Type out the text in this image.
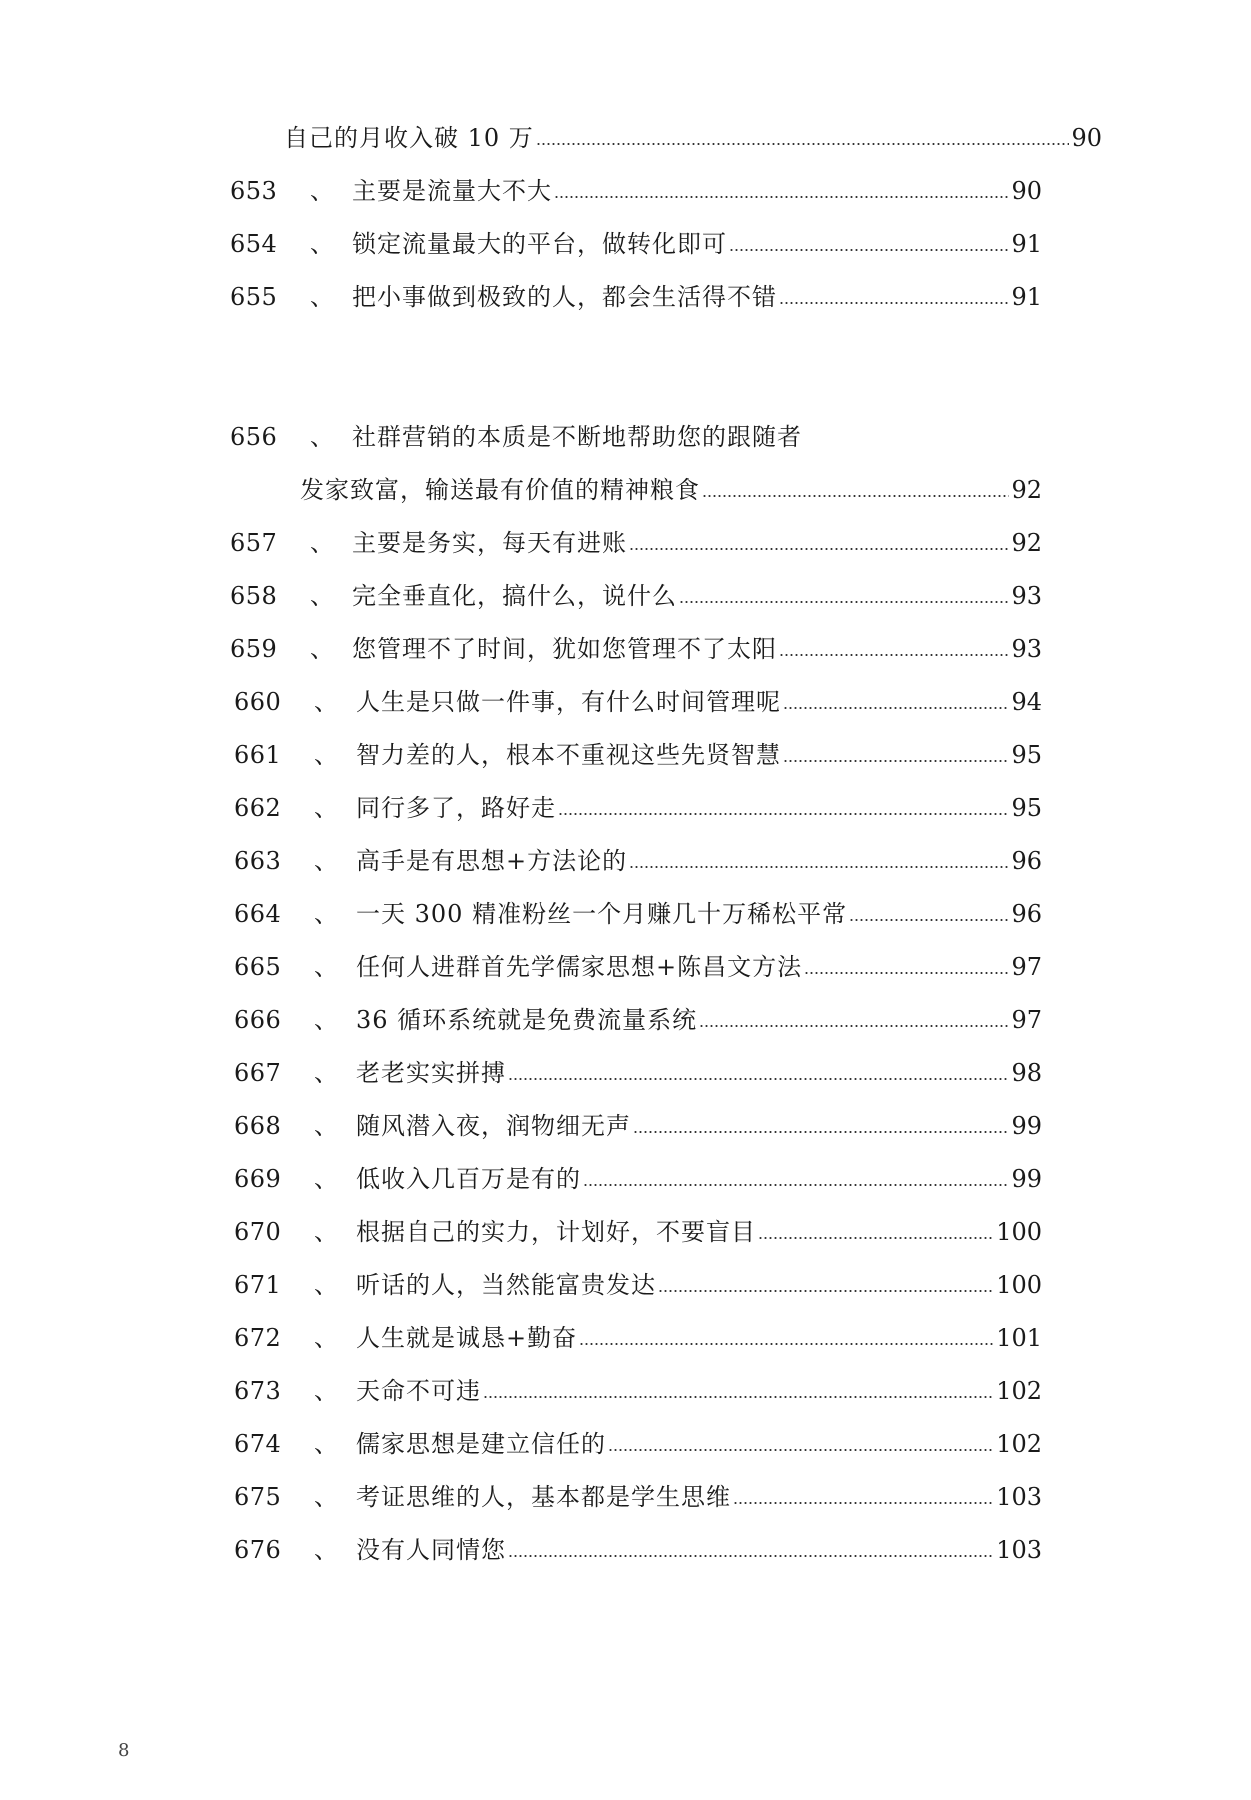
自己的月收入破 10 万	90
653	、 主要是流量大不大	90
654	、 锁定流量最大的平台，做转化即可	91
655	、 把小事做到极致的人，都会生活得不错	91
656	、 社群营销的本质是不断地帮助您的跟随者
发家致富，输送最有价值的精神粮食	92
657	、 主要是务实，每天有进账	92
658	、 完全垂直化，搞什么，说什么	93
659	、 您管理不了时间，犹如您管理不了太阳	93
660	、 人生是只做一件事，有什么时间管理呢	94
661	、 智力差的人，根本不重视这些先贤智慧	95
662	、 同行多了，路好走	95
663	、 高手是有思想+方法论的	96
664	、 一天 300 精准粉丝一个月赚几十万稀松平常	96
665	、 任何人进群首先学儒家思想+陈昌文方法	97
666	、 36 循环系统就是免费流量系统	97
667	、 老老实实拼搏	98
668	、 随风潜入夜，润物细无声	99
669	、 低收入几百万是有的	99
670	、 根据自己的实力，计划好，不要盲目	100
671	、 听话的人，当然能富贵发达	100
672	、 人生就是诚恳+勤奋	101
673	、 天命不可违	102
674	、 儒家思想是建立信任的	102
675	、 考证思维的人，基本都是学生思维	103
676	、 没有人同情您	103
8
